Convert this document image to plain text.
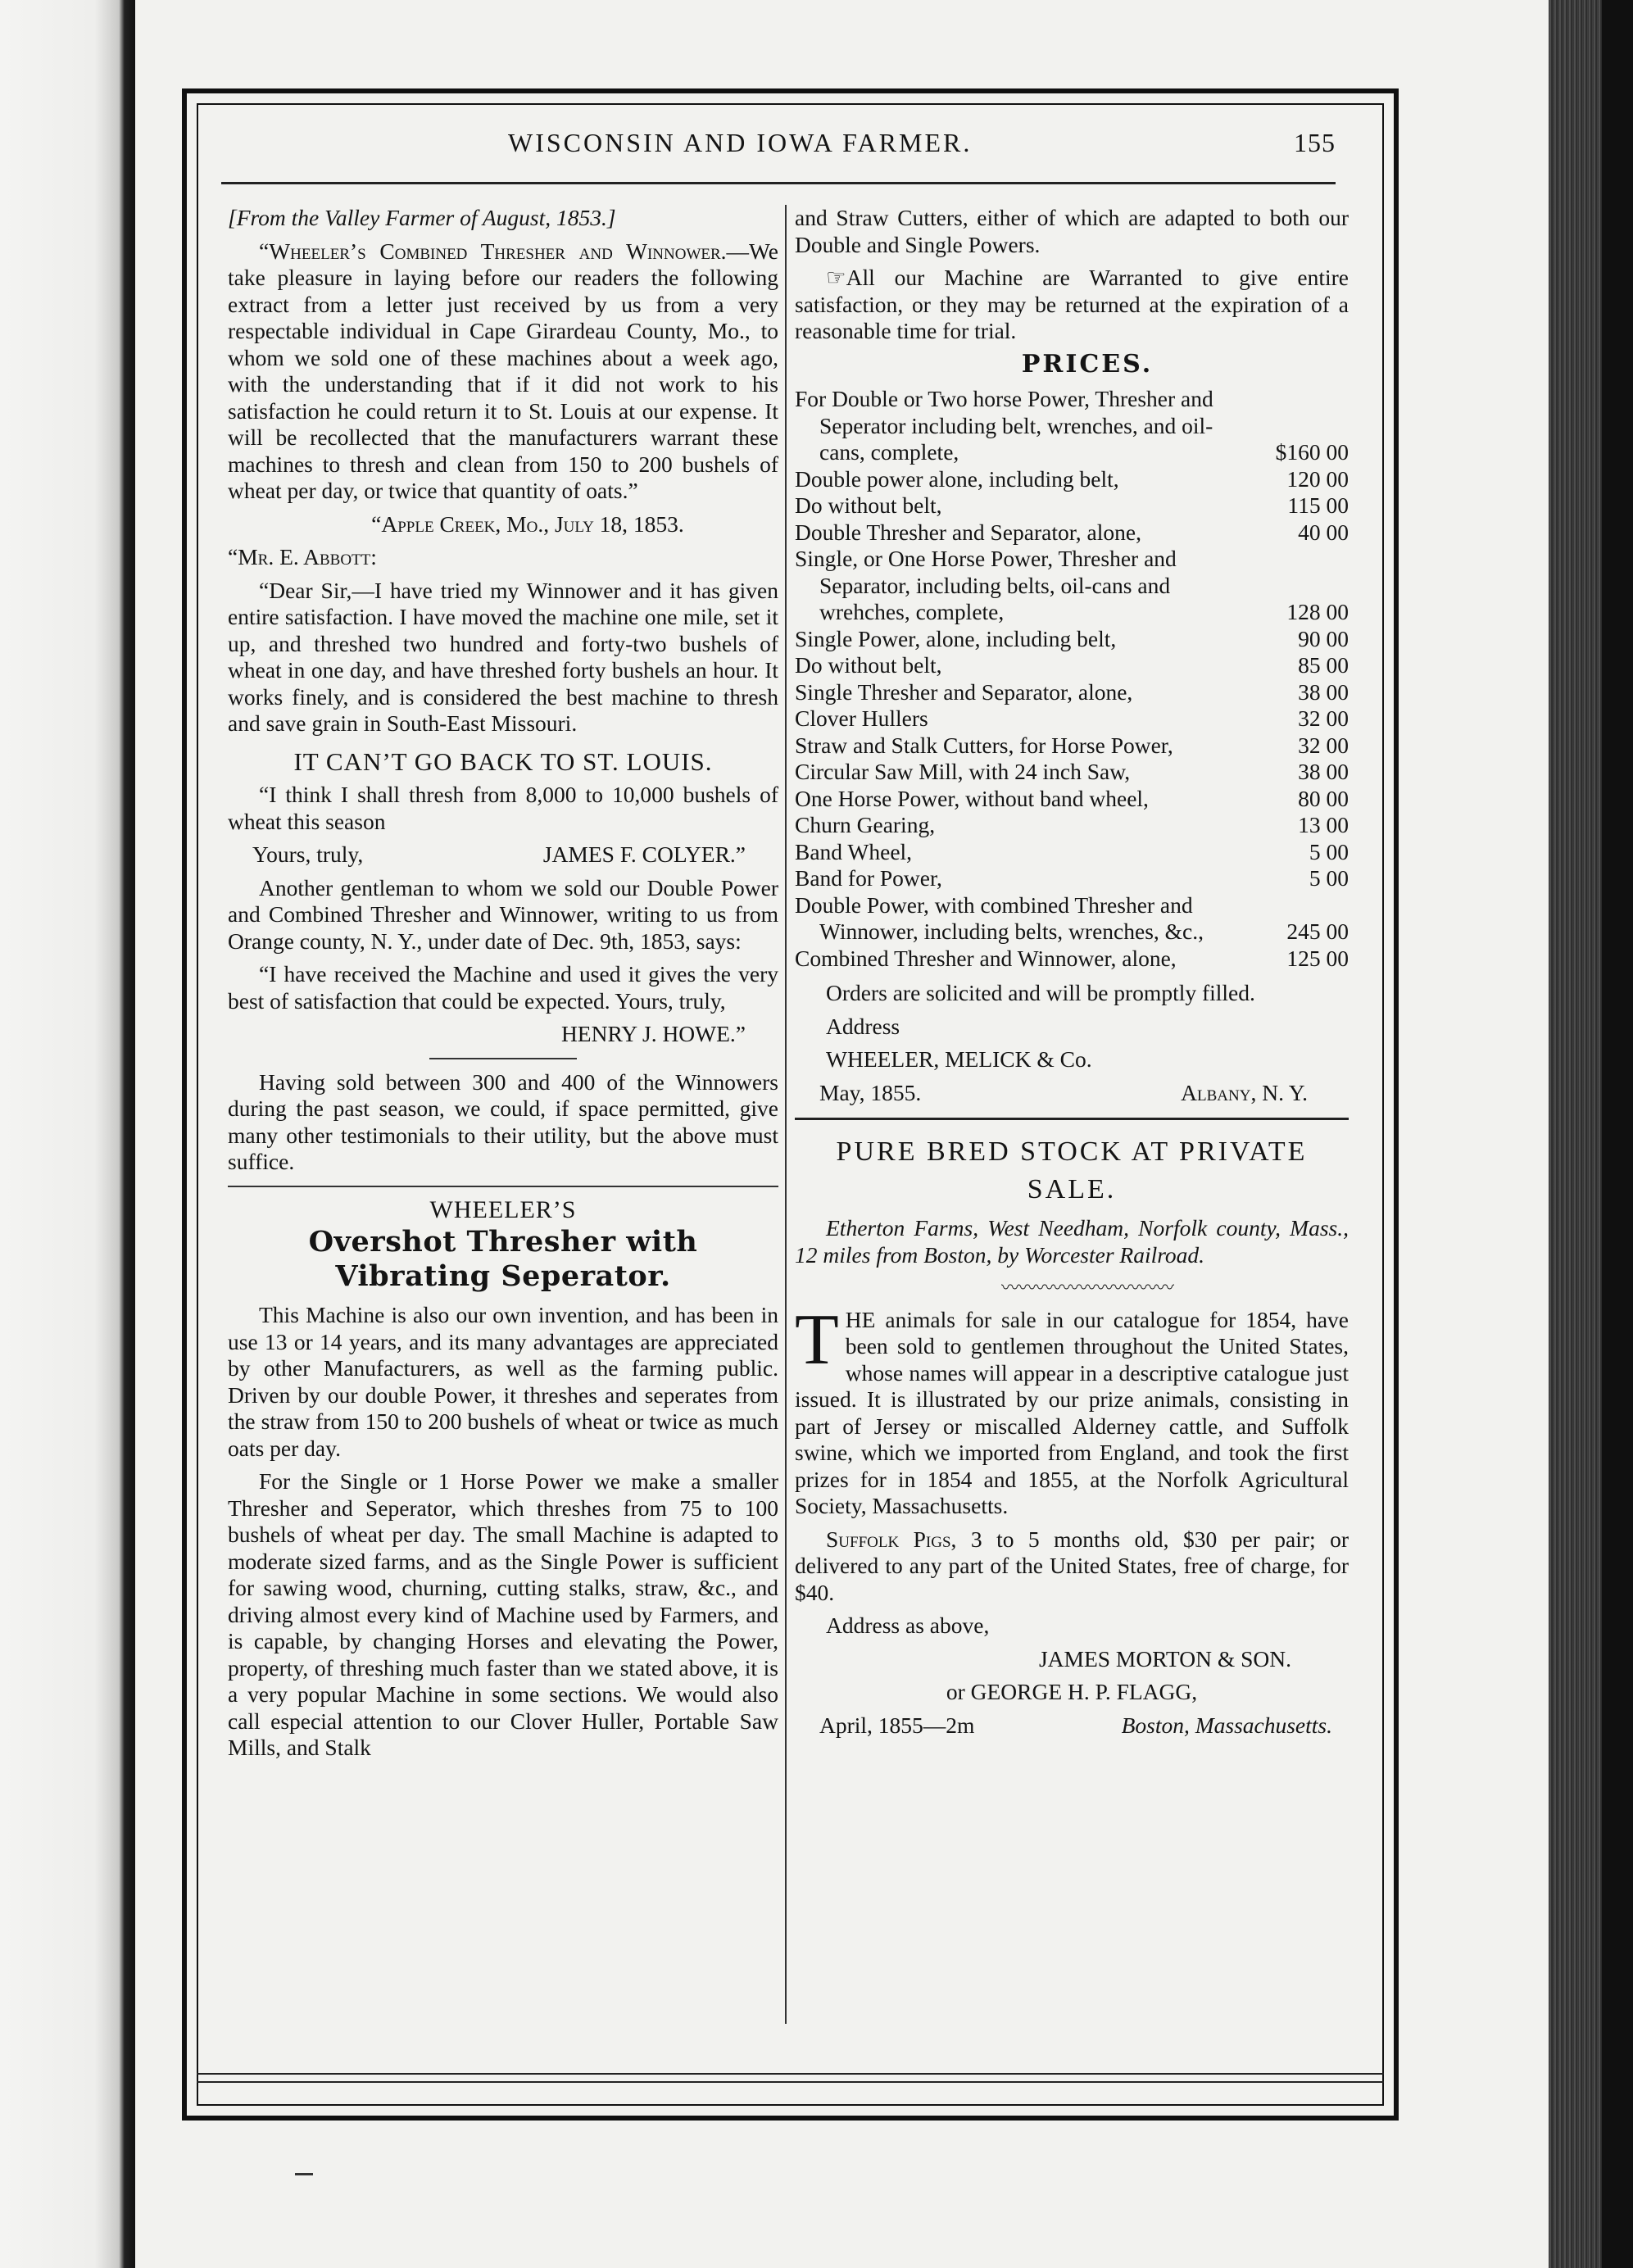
WISCONSIN AND IOWA FARMER.	155

[From the Valley Farmer of August, 1853.]

“Wheeler’s Combined Thresher and Winnower.—We take pleasure in laying before our readers the following extract from a letter just received by us from a very respectable individual in Cape Girardeau County, Mo., to whom we sold one of these machines about a week ago, with the understanding that if it did not work to his satisfaction he could return it to St. Louis at our expense. It will be recollected that the manufacturers warrant these machines to thresh and clean from 150 to 200 bushels of wheat per day, or twice that quantity of oats.”

“Apple Creek, Mo., July 18, 1853.

“Mr. E. Abbott:

“Dear Sir,—I have tried my Winnower and it has given entire satisfaction. I have moved the machine one mile, set it up, and threshed two hundred and forty-two bushels of wheat in one day, and have threshed forty bushels an hour. It works finely, and is considered the best machine to thresh and save grain in South-East Missouri.

IT CAN’T GO BACK TO ST. LOUIS.

“I think I shall thresh from 8,000 to 10,000 bushels of wheat this season

Yours, truly,	JAMES F. COLYER.”

Another gentleman to whom we sold our Double Power and Combined Thresher and Winnower, writing to us from Orange county, N. Y., under date of Dec. 9th, 1853, says:

“I have received the Machine and used it gives the very best of satisfaction that could be expected. Yours, truly,

HENRY J. HOWE.”

Having sold between 300 and 400 of the Winnowers during the past season, we could, if space permitted, give many other testimonials to their utility, but the above must suffice.

WHEELER’S

Overshot Thresher with Vibrating Seperator.

This Machine is also our own invention, and has been in use 13 or 14 years, and its many advantages are appreciated by other Manufacturers, as well as the farming public. Driven by our double Power, it threshes and seperates from the straw from 150 to 200 bushels of wheat or twice as much oats per day.

For the Single or 1 Horse Power we make a smaller Thresher and Seperator, which threshes from 75 to 100 bushels of wheat per day. The small Machine is adapted to moderate sized farms, and as the Single Power is sufficient for sawing wood, churning, cutting stalks, straw, &c., and driving almost every kind of Machine used by Farmers, and is capable, by changing Horses and elevating the Power, property, of threshing much faster than we stated above, it is a very popular Machine in some sections. We would also call especial attention to our Clover Huller, Portable Saw Mills, and Stalk

and Straw Cutters, either of which are adapted to both our Double and Single Powers.

☞All our Machine are Warranted to give entire satisfaction, or they may be returned at the expiration of a reasonable time for trial.

PRICES.

For Double or Two horse Power, Thresher and Seperator including belt, wrenches, and oil-cans, complete,	$160 00
Double power alone, including belt,	120 00
Do without belt,	115 00
Double Thresher and Separator, alone,	40 00
Single, or One Horse Power, Thresher and Separator, including belts, oil-cans and wrehches, complete,	128 00
Single Power, alone, including belt,	90 00
Do without belt,	85 00
Single Thresher and Separator, alone,	38 00
Clover Hullers	32 00
Straw and Stalk Cutters, for Horse Power,	32 00
Circular Saw Mill, with 24 inch Saw,	38 00
One Horse Power, without band wheel,	80 00
Churn Gearing,	13 00
Band Wheel,	5 00
Band for Power,	5 00
Double Power, with combined Thresher and Winnower, including belts, wrenches, &c.,	245 00
Combined Thresher and Winnower, alone,	125 00

Orders are solicited and will be promptly filled.

Address

WHEELER, MELICK & Co.

May, 1855.	Albany, N. Y.

PURE BRED STOCK AT PRIVATE SALE.

Etherton Farms, West Needham, Norfolk county, Mass., 12 miles from Boston, by Worcester Railroad.

〰〰〰〰〰〰〰〰〰〰

THE animals for sale in our catalogue for 1854, have been sold to gentlemen throughout the United States, whose names will appear in a descriptive catalogue just issued. It is illustrated by our prize animals, consisting in part of Jersey or miscalled Alderney cattle, and Suffolk swine, which we imported from England, and took the first prizes for in 1854 and 1855, at the Norfolk Agricultural Society, Massachusetts.

Suffolk Pigs, 3 to 5 months old, $30 per pair; or delivered to any part of the United States, free of charge, for $40.

Address as above,

JAMES MORTON & SON.

or GEORGE H. P. FLAGG,

April, 1855—2m	Boston, Massachusetts.
